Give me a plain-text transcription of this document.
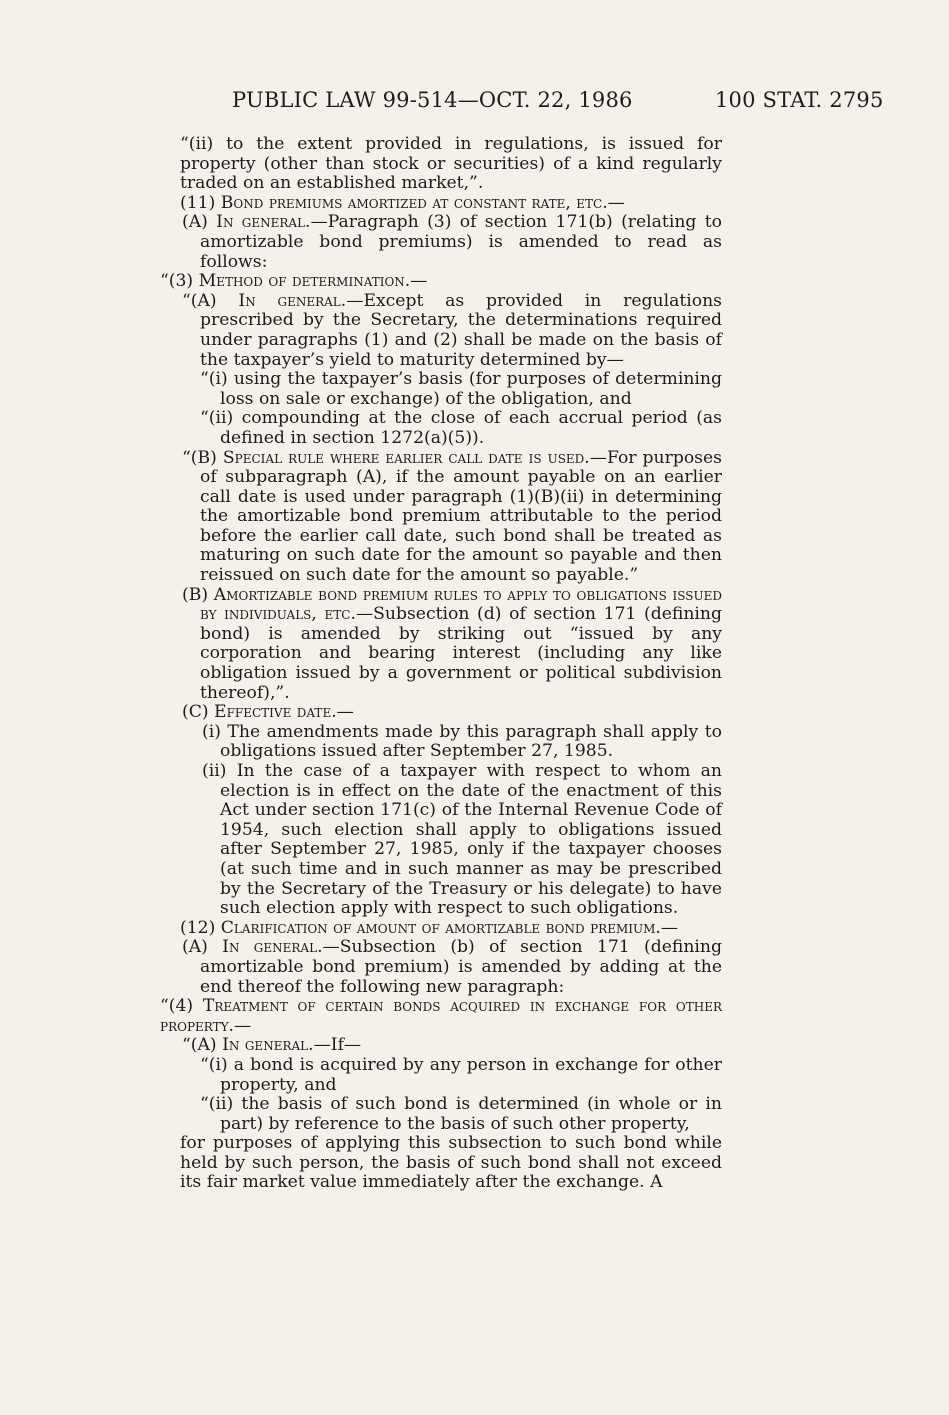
PUBLIC LAW 99-514—OCT. 22, 1986	100 STAT. 2795

“(ii) to the extent provided in regulations, is issued for property (other than stock or securities) of a kind regularly traded on an established market,”.

(11) Bond premiums amortized at constant rate, etc.—

(A) In general.—Paragraph (3) of section 171(b) (relating to amortizable bond premiums) is amended to read as follows:

“(3) Method of determination.—

“(A) In general.—Except as provided in regulations prescribed by the Secretary, the determinations required under paragraphs (1) and (2) shall be made on the basis of the taxpayer’s yield to maturity determined by—

“(i) using the taxpayer’s basis (for purposes of determining loss on sale or exchange) of the obligation, and

“(ii) compounding at the close of each accrual period (as defined in section 1272(a)(5)).

“(B) Special rule where earlier call date is used.—For purposes of subparagraph (A), if the amount payable on an earlier call date is used under paragraph (1)(B)(ii) in determining the amortizable bond premium attributable to the period before the earlier call date, such bond shall be treated as maturing on such date for the amount so payable and then reissued on such date for the amount so payable.”

(B) Amortizable bond premium rules to apply to obligations issued by individuals, etc.—Subsection (d) of section 171 (defining bond) is amended by striking out “issued by any corporation and bearing interest (including any like obligation issued by a government or political subdivision thereof),”.

(C) Effective date.—

(i) The amendments made by this paragraph shall apply to obligations issued after September 27, 1985.

(ii) In the case of a taxpayer with respect to whom an election is in effect on the date of the enactment of this Act under section 171(c) of the Internal Revenue Code of 1954, such election shall apply to obligations issued after September 27, 1985, only if the taxpayer chooses (at such time and in such manner as may be prescribed by the Secretary of the Treasury or his delegate) to have such election apply with respect to such obligations.

(12) Clarification of amount of amortizable bond premium.—

(A) In general.—Subsection (b) of section 171 (defining amortizable bond premium) is amended by adding at the end thereof the following new paragraph:

“(4) Treatment of certain bonds acquired in exchange for other property.—

“(A) In general.—If—

“(i) a bond is acquired by any person in exchange for other property, and

“(ii) the basis of such bond is determined (in whole or in part) by reference to the basis of such other property,

for purposes of applying this subsection to such bond while held by such person, the basis of such bond shall not exceed its fair market value immediately after the exchange. A
